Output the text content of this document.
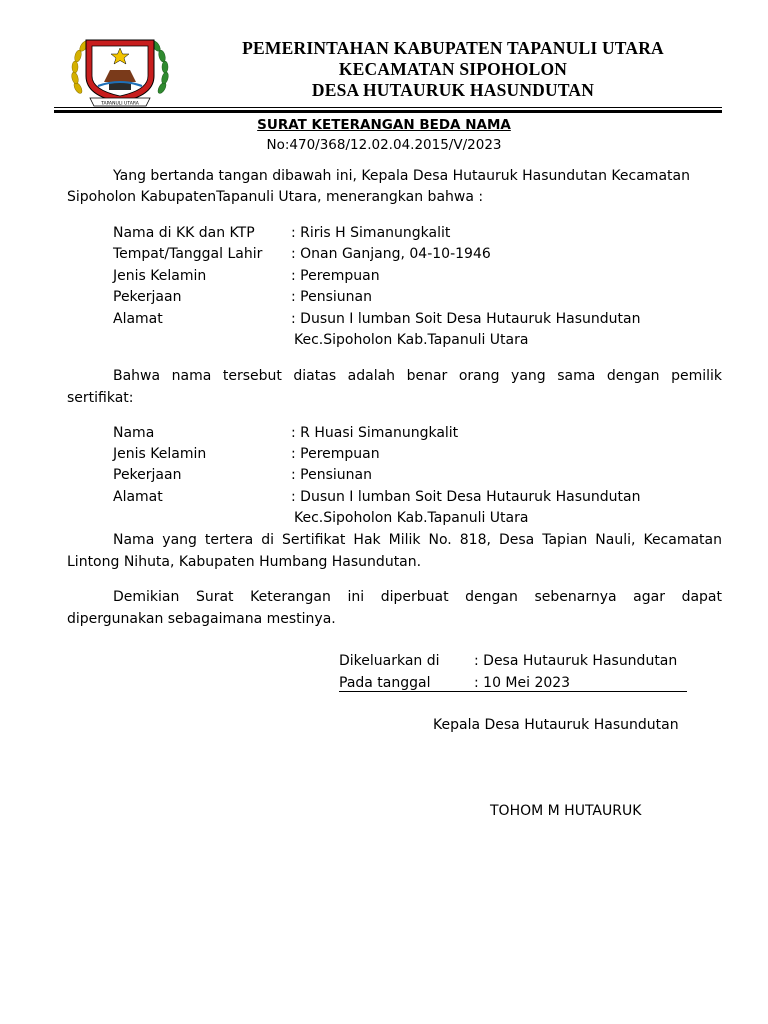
TAPANULI UTARA
PEMERINTAHAN KABUPATEN TAPANULI UTARA
KECAMATAN SIPOHOLON
DESA HUTAURUK HASUNDUTAN
SURAT KETERANGAN BEDA NAMA
No:470/368/12.02.04.2015/V/2023
Yang bertanda tangan dibawah ini, Kepala Desa Hutauruk Hasundutan Kecamatan
Sipoholon KabupatenTapanuli Utara, menerangkan bahwa :
Nama di KK dan KTP	: Riris H Simanungkalit
Tempat/Tanggal Lahir : Onan Ganjang, 04-10-1946
Jenis Kelamin	: Perempuan
Pekerjaan	: Pensiunan
Alamat	: Dusun I lumban Soit Desa Hutauruk Hasundutan
Kec.Sipoholon Kab.Tapanuli Utara
Bahwa nama tersebut diatas adalah benar orang yang sama dengan pemilik
sertifikat:
Nama	: R Huasi Simanungkalit
Jenis Kelamin	: Perempuan
Pekerjaan	: Pensiunan
Alamat	: Dusun I lumban Soit Desa Hutauruk Hasundutan
Kec.Sipoholon Kab.Tapanuli Utara
Nama yang tertera di Sertifikat Hak Milik No. 818, Desa Tapian Nauli, Kecamatan
Lintong Nihuta, Kabupaten Humbang Hasundutan.
Demikian Surat Keterangan ini diperbuat dengan sebenarnya agar dapat
dipergunakan sebagaimana mestinya.
Dikeluarkan di : Desa Hutauruk Hasundutan
Pada tanggal	: 10 Mei 2023
Kepala Desa Hutauruk Hasundutan
TOHOM M HUTAURUK
